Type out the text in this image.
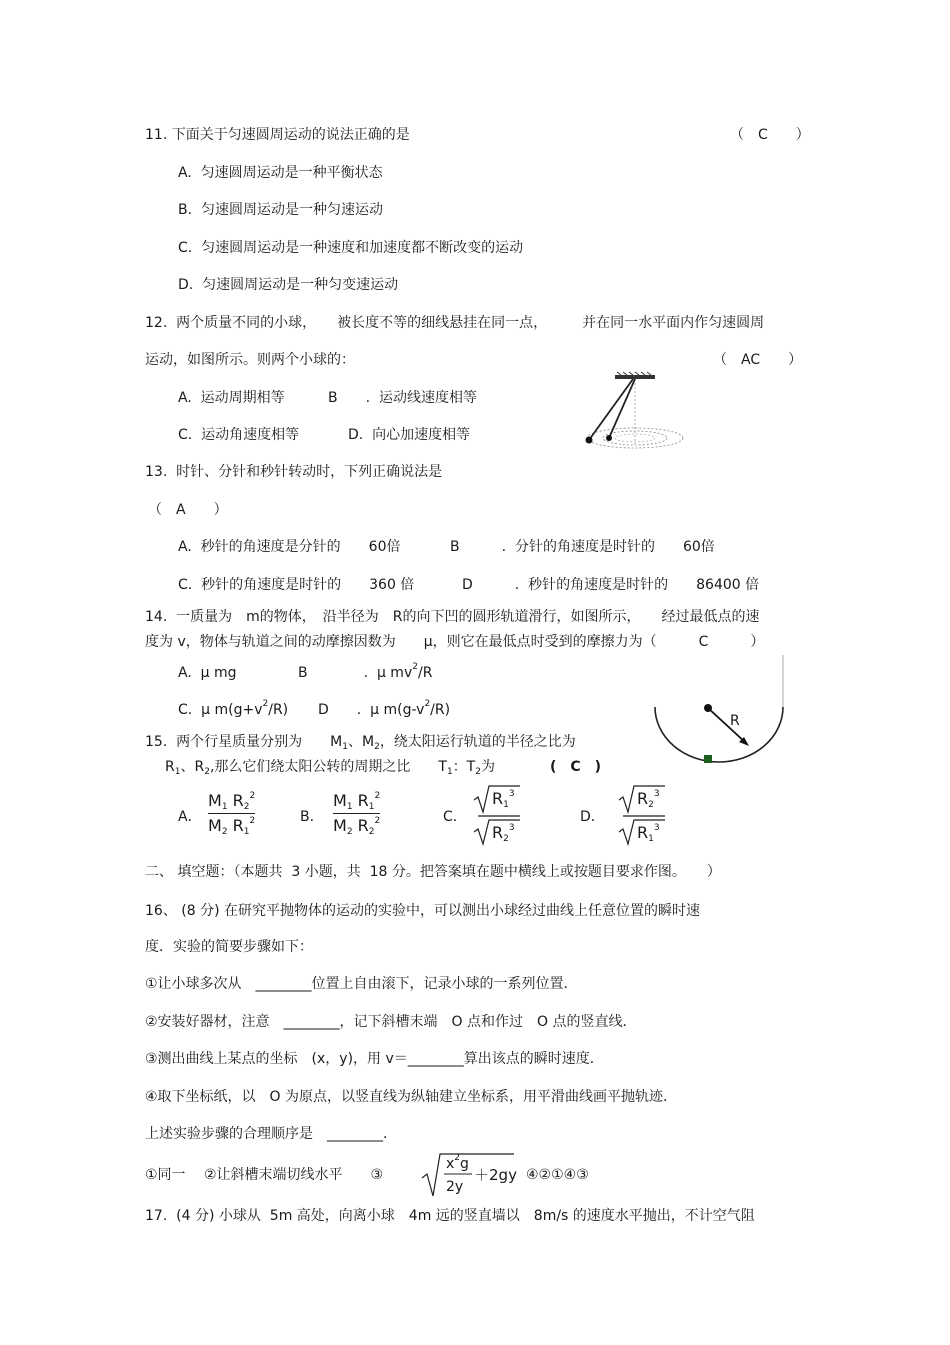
11. 下面关于匀速圆周运动的说法正确的是	（　C　　）
A.  匀速圆周运动是一种平衡状态
B.  匀速圆周运动是一种匀速运动
C.  匀速圆周运动是一种速度和加速度都不断改变的运动
D.  匀速圆周运动是一种匀变速运动
12.  两个质量不同的小球，　　被长度不等的细线悬挂在同一点，　　　并在同一水平面内作匀速圆周
运动，如图所示。则两个小球的：	（　AC　　）
A.  运动周期相等	B　　.  运动线速度相等
C.  运动角速度相等	D.  向心加速度相等
13.  时针、分针和秒针转动时，下列正确说法是
（　A　　）
A.  秒针的角速度是分针的　　60倍	B　　　.  分针的角速度是时针的　　60倍
C.  秒针的角速度是时针的　　360 倍	D　　　.  秒针的角速度是时针的　　86400 倍
14.  一质量为　m的物体，　沿半径为　R的向下凹的圆形轨道滑行，如图所示，　　经过最低点的速
度为 v，物体与轨道之间的动摩擦因数为　　μ，则它在最低点时受到的摩擦力为（　　　C　　　）
A.  μ mg	B　　　　.  μ $mv^2/R$
C.  μ $m(g+v^2/R)$ D　　.  μ $m(g-v^2/R)$
R
15.  两个行星质量分别为　　$M_1$、$M_2$，绕太阳运行轨道的半径之比为
$R_1$、$R_2$,那么它们绕太阳公转的周期之比　　$T_1$：$T_2$为	(　C　)
A．
$M_1$ $R_2^2$
$M_2$ $R_1^2$	B．
$M_1$ $R_1^2$
$M_2$ $R_2^2$	C．
$R_1^3$
$R_2^3$
D．
$R_2^3$
$R_1^3$
二、 填空题：（本题共  3 小题，共  18 分。把答案填在题中横线上或按题目要求作图。　　）
16、 (8 分) 在研究平抛物体的运动的实验中，可以测出小球经过曲线上任意位置的瞬时速
度．实验的简要步骤如下：
①让小球多次从　________位置上自由滚下，记录小球的一系列位置．
②安装好器材，注意　________，记下斜槽末端　O 点和作过　O 点的竖直线．
③测出曲线上某点的坐标　(x，y)，用 v＝________算出该点的瞬时速度．
④取下坐标纸，以　O 为原点，以竖直线为纵轴建立坐标系，用平滑曲线画平抛轨迹．
上述实验步骤的合理顺序是　________．
①同一　 ②让斜槽末端切线水平　　③
$x^2g$
2y
＋2gy ④②①④③
17.  (4 分) 小球从  5m 高处，向离小球　4m 远的竖直墙以　8m/s 的速度水平抛出，不计空气阻
